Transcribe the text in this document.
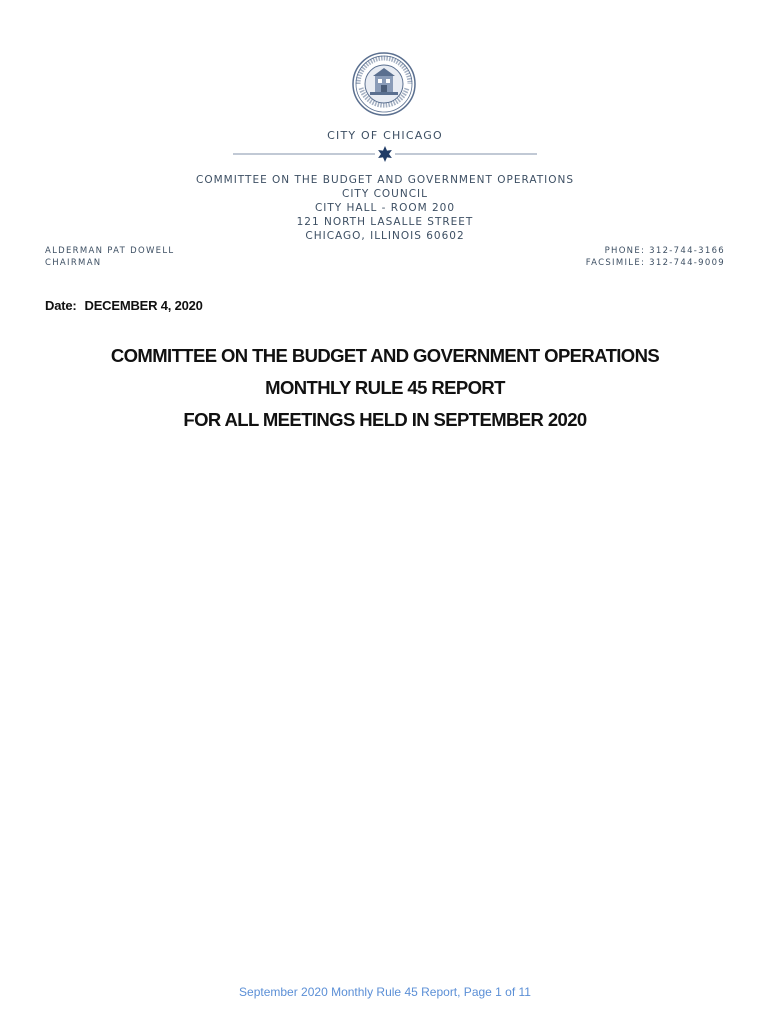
CITY OF CHICAGO
COMMITTEE ON THE BUDGET AND GOVERNMENT OPERATIONS
CITY COUNCIL
CITY HALL - ROOM 200
121 NORTH LASALLE STREET
CHICAGO, ILLINOIS 60602
ALDERMAN PAT DOWELL
CHAIRMAN
PHONE: 312-744-3166
FACSIMILE: 312-744-9009
Date: DECEMBER 4, 2020
COMMITTEE ON THE BUDGET AND GOVERNMENT OPERATIONS
MONTHLY RULE 45 REPORT
FOR ALL MEETINGS HELD IN SEPTEMBER 2020
September 2020 Monthly Rule 45 Report, Page 1 of 11
